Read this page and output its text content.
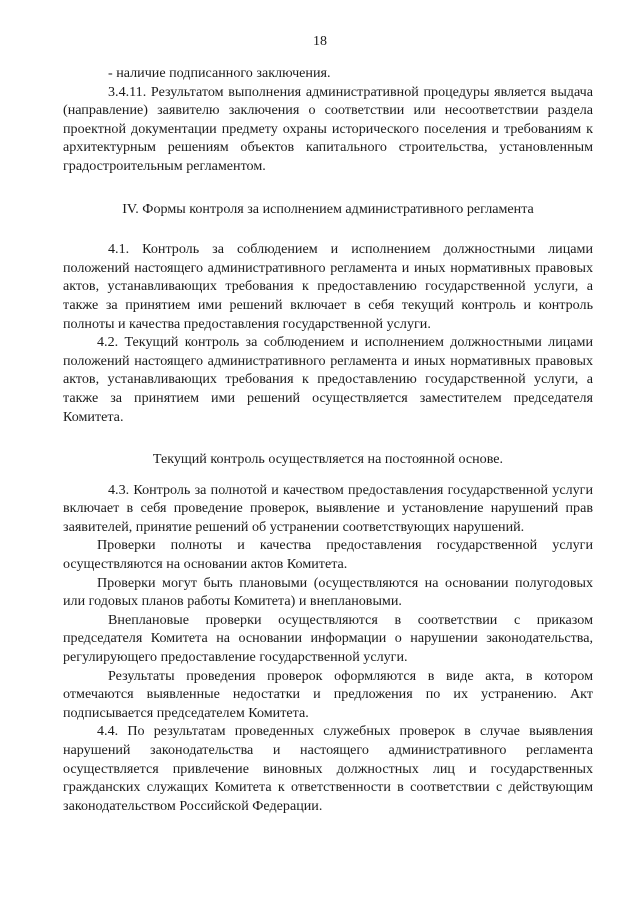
18

- наличие подписанного заключения.

3.4.11. Результатом выполнения административной процедуры является выдача (направление) заявителю заключения о соответствии или несоответствии раздела проектной документации предмету охраны исторического поселения и требованиям к архитектурным решениям объектов капитального строительства, установленным градостроительным регламентом.

IV. Формы контроля за исполнением административного регламента

4.1. Контроль за соблюдением и исполнением должностными лицами положений настоящего административного регламента и иных нормативных правовых актов, устанавливающих требования к предоставлению государственной услуги, а также за принятием ими решений включает в себя текущий контроль и контроль полноты и качества предоставления государственной услуги.

4.2. Текущий контроль за соблюдением и исполнением должностными лицами положений настоящего административного регламента и иных нормативных правовых актов, устанавливающих требования к предоставлению государственной услуги, а также за принятием ими решений осуществляется заместителем председателя Комитета.

Текущий контроль осуществляется на постоянной основе.

4.3. Контроль за полнотой и качеством предоставления государственной услуги включает в себя проведение проверок, выявление и установление нарушений прав заявителей, принятие решений об устранении соответствующих нарушений.

Проверки полноты и качества предоставления государственной услуги осуществляются на основании актов Комитета.

Проверки могут быть плановыми (осуществляются на основании полугодовых или годовых планов работы Комитета) и внеплановыми.

Внеплановые проверки осуществляются в соответствии с приказом председателя Комитета на основании информации о нарушении законодательства, регулирующего предоставление государственной услуги.

Результаты проведения проверок оформляются в виде акта, в котором отмечаются выявленные недостатки и предложения по их устранению. Акт подписывается председателем Комитета.

4.4. По результатам проведенных служебных проверок в случае выявления нарушений законодательства и настоящего административного регламента осуществляется привлечение виновных должностных лиц и государственных гражданских служащих Комитета к ответственности в соответствии с действующим законодательством Российской Федерации.
